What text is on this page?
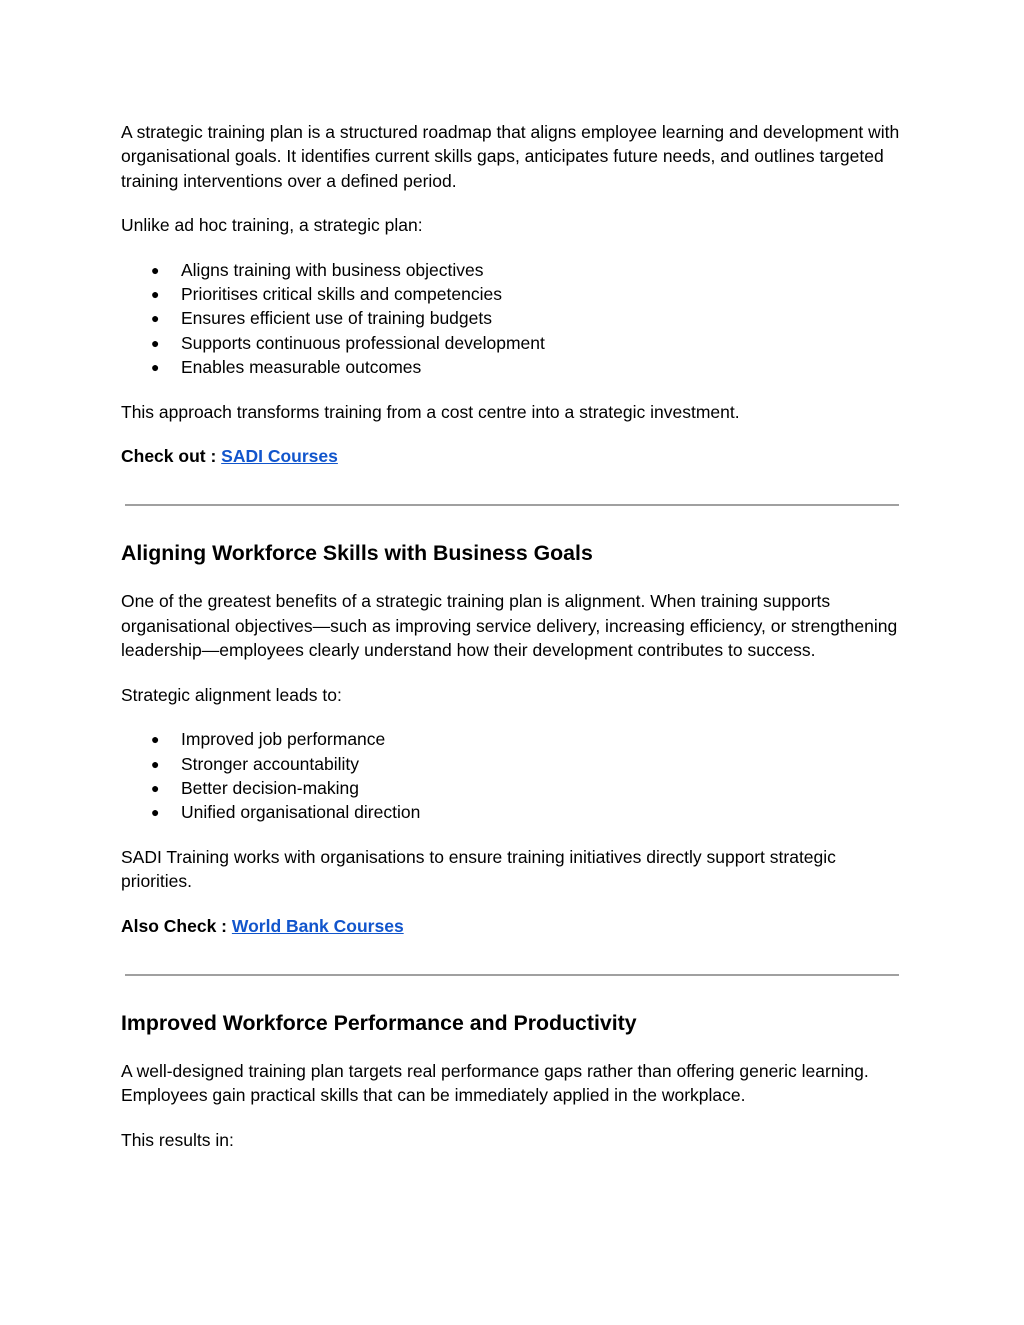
A strategic training plan is a structured roadmap that aligns employee learning and development with organisational goals. It identifies current skills gaps, anticipates future needs, and outlines targeted training interventions over a defined period.

Unlike ad hoc training, a strategic plan:

● Aligns training with business objectives
● Prioritises critical skills and competencies
● Ensures efficient use of training budgets
● Supports continuous professional development
● Enables measurable outcomes

This approach transforms training from a cost centre into a strategic investment.

Check out : SADI Courses

Aligning Workforce Skills with Business Goals

One of the greatest benefits of a strategic training plan is alignment. When training supports organisational objectives—such as improving service delivery, increasing efficiency, or strengthening leadership—employees clearly understand how their development contributes to success.

Strategic alignment leads to:

● Improved job performance
● Stronger accountability
● Better decision-making
● Unified organisational direction

SADI Training works with organisations to ensure training initiatives directly support strategic priorities.

Also Check : World Bank Courses

Improved Workforce Performance and Productivity

A well-designed training plan targets real performance gaps rather than offering generic learning. Employees gain practical skills that can be immediately applied in the workplace.

This results in:
